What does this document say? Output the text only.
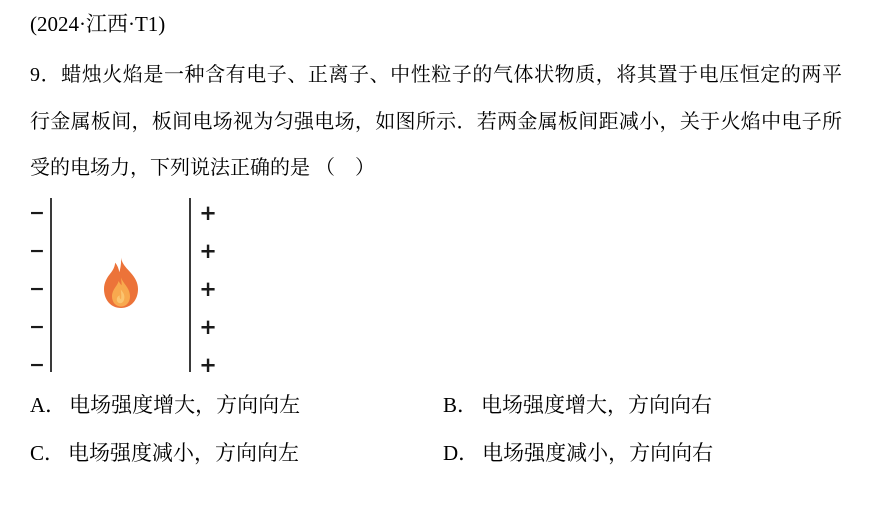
(2024·江西·T1)
9．蜡烛火焰是一种含有电子、正离子、中性粒子的气体状物质，将其置于电压恒定的两平
行金属板间，板间电场视为匀强电场，如图所示．若两金属板间距减小，关于火焰中电子所
受的电场力，下列说法正确的是 （　）
−
−
−
−
−
+
+
+
+
+
A． 电场强度增大，方向向左	B． 电场强度增大，方向向右
C． 电场强度减小，方向向左	D． 电场强度减小，方向向右
